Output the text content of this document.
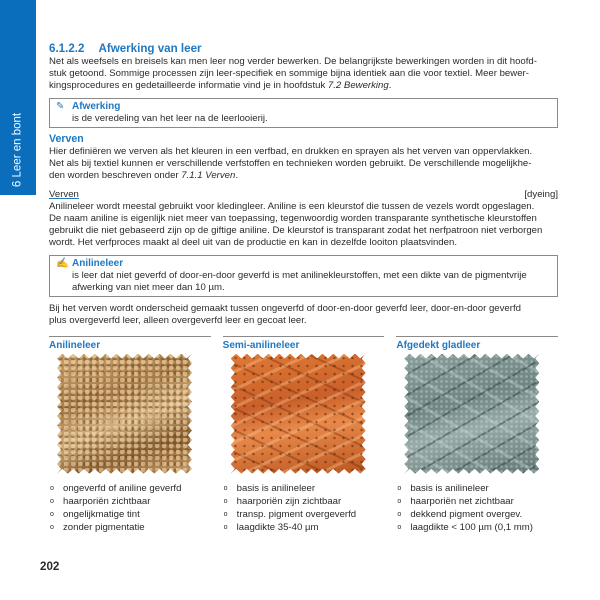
6 Leer en bont
6.1.2.2 Afwerking van leer
Net als weefsels en breisels kan men leer nog verder bewerken. De belangrijkste bewerkingen worden in dit hoofd-
stuk getoond. Sommige processen zijn leer-specifiek en sommige bijna identiek aan die voor textiel. Meer bewer-
kingsprocedures en gedetailleerde informatie vind je in hoofdstuk 7.2 Bewerking.
✎ Afwerking
is de veredeling van het leer na de leerlooierij.
Verven
Hier definiëren we verven als het kleuren in een verfbad, en drukken en sprayen als het verven van oppervlakken.
Net als bij textiel kunnen er verschillende verfstoffen en technieken worden gebruikt. De verschillende mogelijkhe-
den worden beschreven onder 7.1.1 Verven.
Verven	[dyeing]
Anilineleer wordt meestal gebruikt voor kledingleer. Aniline is een kleurstof die tussen de vezels wordt opgeslagen.
De naam aniline is eigenlijk niet meer van toepassing, tegenwoordig worden transparante synthetische kleurstoffen
gebruikt die niet gebaseerd zijn op de giftige aniline. De kleurstof is transparant zodat het nerfpatroon niet verborgen
wordt. Het verfproces maakt al deel uit van de productie en kan in dezelfde looiton plaatsvinden.
✍ Anilineleer
is leer dat niet geverfd of door-en-door geverfd is met anilinekleurstoffen, met een dikte van de pigmentvrije
afwerking van niet meer dan 10 µm.
Bij het verven wordt onderscheid gemaakt tussen ongeverfd of door-en-door geverfd leer, door-en-door geverfd
plus overgeverfd leer, alleen overgeverfd leer en gecoat leer.
Anilineleer
o ongeverfd of aniline geverfd
o haarporiën zichtbaar
o ongelijkmatige tint
o zonder pigmentatie
Semi-anilineleer
o basis is anilineleer
o haarporiën zijn zichtbaar
o transp. pigment overgeverfd
o laagdikte 35-40 µm
Afgedekt gladleer
o basis is anilineleer
o haarporiën net zichtbaar
o dekkend pigment overgev.
o laagdikte < 100 µm (0,1 mm)
202
